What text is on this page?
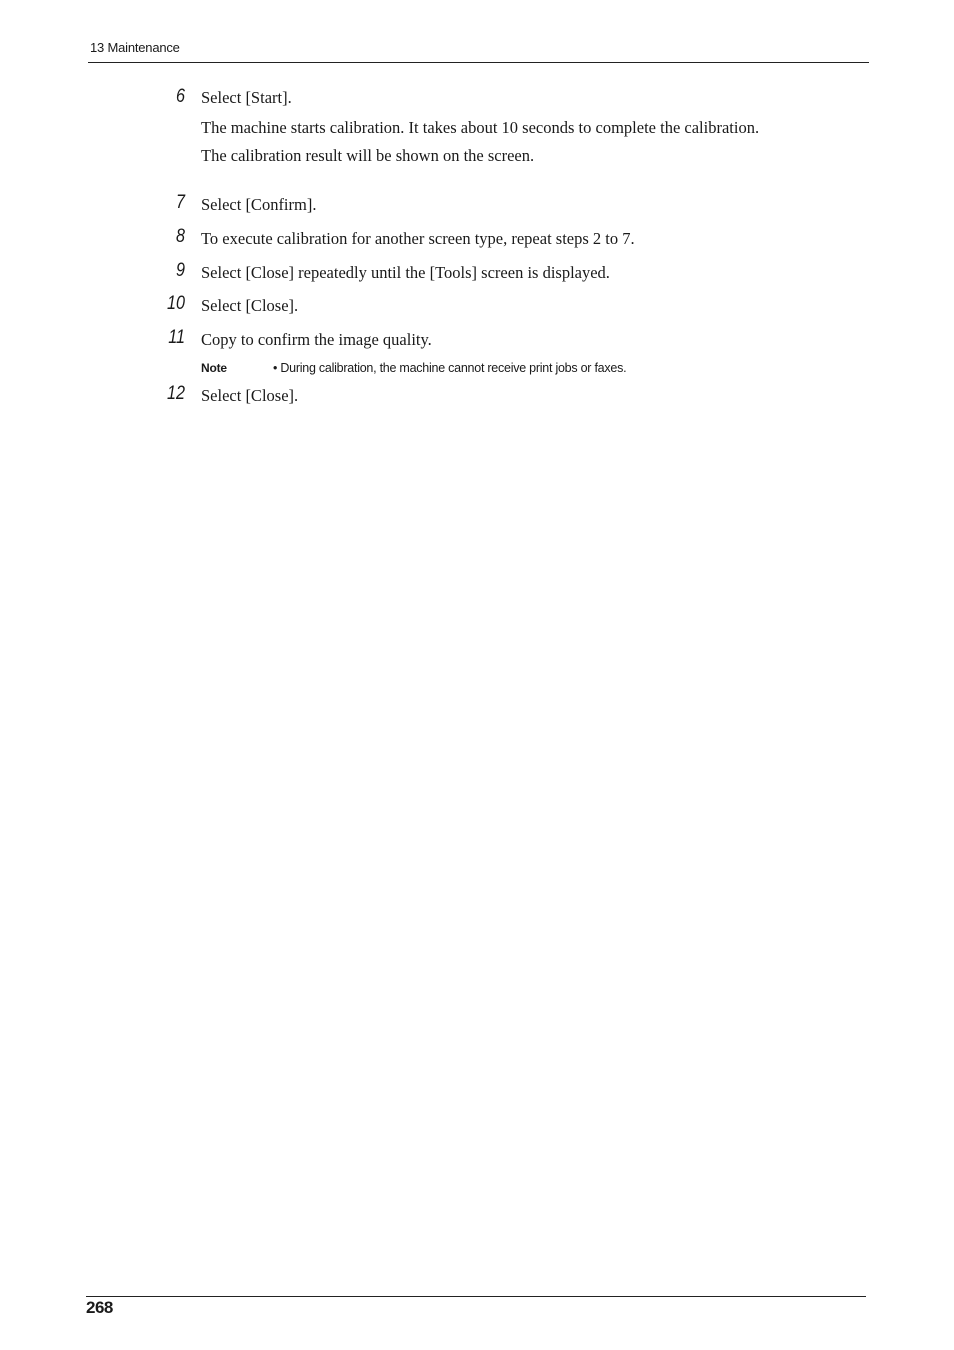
13 Maintenance
6 Select [Start].
The machine starts calibration. It takes about 10 seconds to complete the calibration.
The calibration result will be shown on the screen.
7 Select [Confirm].
8 To execute calibration for another screen type, repeat steps 2 to 7.
9 Select [Close] repeatedly until the [Tools] screen is displayed.
10 Select [Close].
11 Copy to confirm the image quality.
Note	• During calibration, the machine cannot receive print jobs or faxes.
12 Select [Close].
268
